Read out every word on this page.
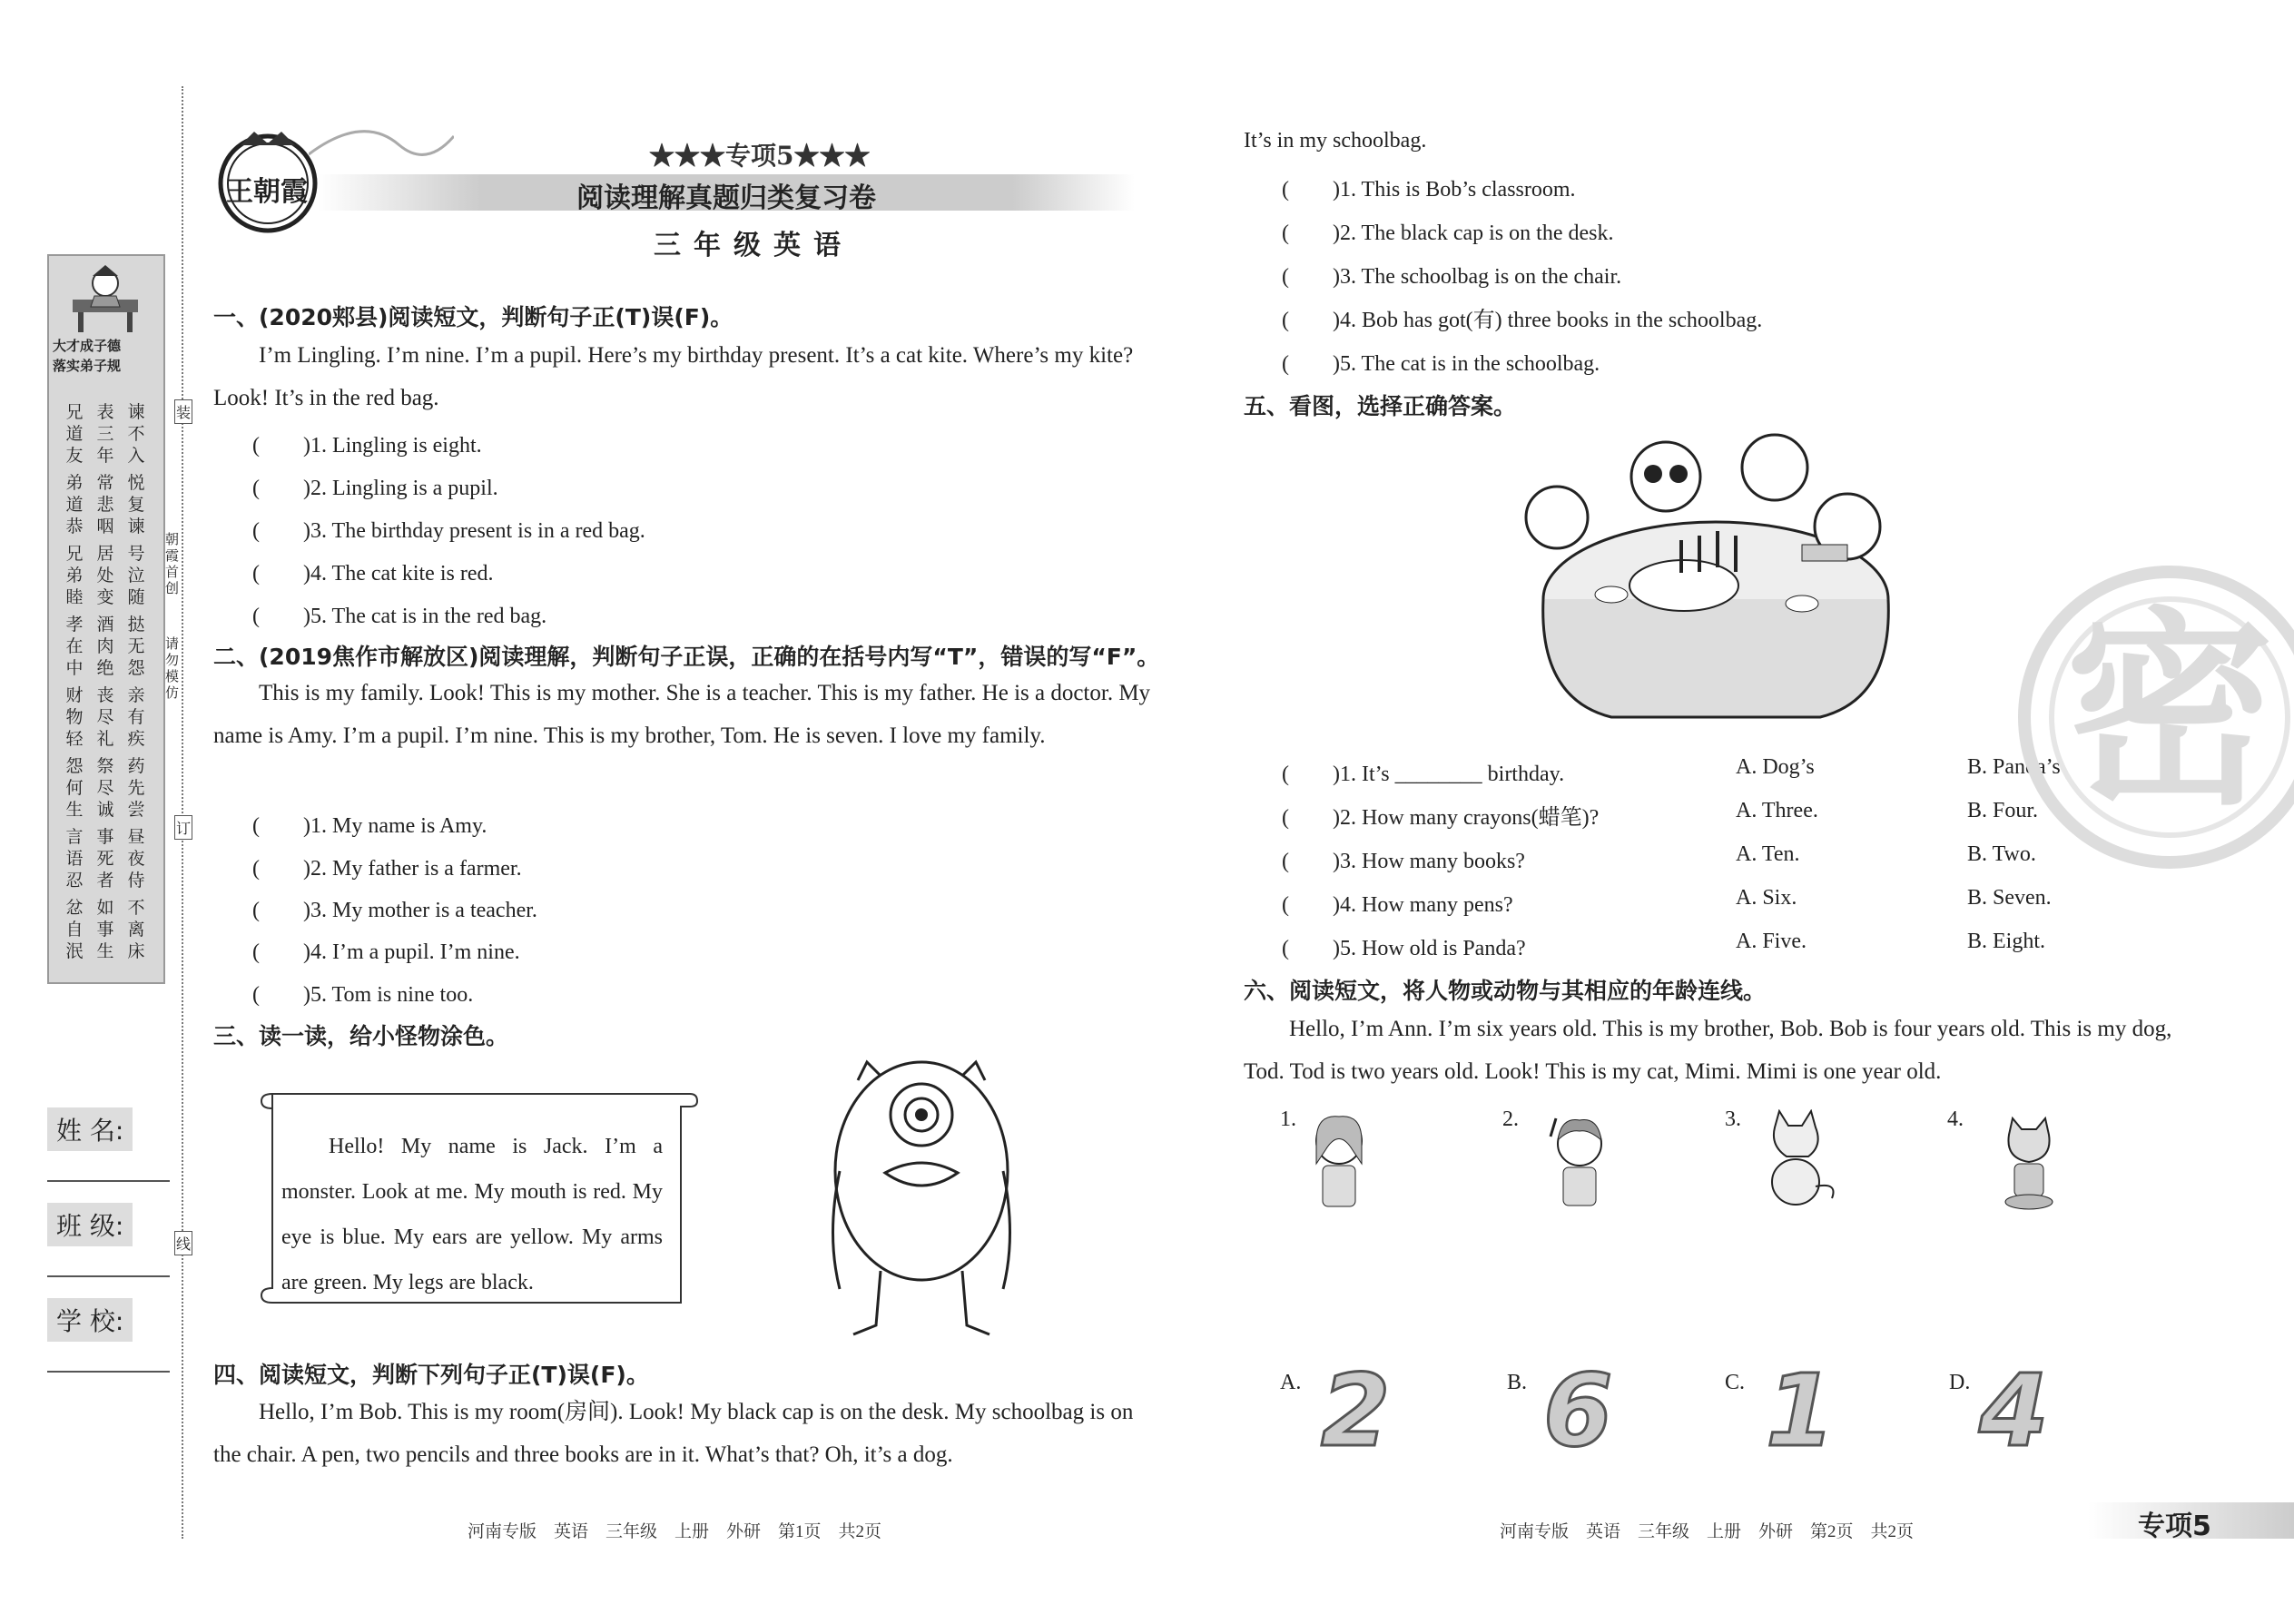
大才成子德
落实弟子规
兄道友
弟道恭
兄弟睦
孝在中
财物轻
怨何生
言语忍
忿自泯
表三年
常悲咽
居处变
酒肉绝
丧尽礼
祭尽诚
事死者
如事生
谏不入
悦复谏
号泣随
挞无怨
亲有疾
药先尝
昼夜侍
不离床
装
订
线
朝霞首创
请勿模仿
姓 名:
班 级:
学 校:
王朝霞
★★★专项5★★★
阅读理解真题归类复习卷
三年级英语
一、(2020郏县)阅读短文，判断句子正(T)误(F)。
I’m Lingling. I’m nine. I’m a pupil. Here’s my birthday present. It’s a cat kite. Where’s my kite? Look! It’s in the red bag.
(　　)1. Lingling is eight.
(　　)2. Lingling is a pupil.
(　　)3. The birthday present is in a red bag.
(　　)4. The cat kite is red.
(　　)5. The cat is in the red bag.
二、(2019焦作市解放区)阅读理解，判断句子正误，正确的在括号内写“T”，错误的写“F”。
This is my family. Look! This is my mother. She is a teacher. This is my father. He is a doctor. My name is Amy. I’m a pupil. I’m nine. This is my brother, Tom. He is seven. I love my family.
(　　)1. My name is Amy.
(　　)2. My father is a farmer.
(　　)3. My mother is a teacher.
(　　)4. I’m a pupil. I’m nine.
(　　)5. Tom is nine too.
三、读一读，给小怪物涂色。
Hello! My name is Jack. I’m a monster. Look at me. My mouth is red. My eye is blue. My ears are yellow. My arms are green. My legs are black.
四、阅读短文，判断下列句子正(T)误(F)。
Hello, I’m Bob. This is my room(房间). Look! My black cap is on the desk. My schoolbag is on the chair. A pen, two pencils and three books are in it. What’s that? Oh, it’s a dog.
It’s in my schoolbag.
(　　)1. This is Bob’s classroom.
(　　)2. The black cap is on the desk.
(　　)3. The schoolbag is on the chair.
(　　)4. Bob has got(有) three books in the schoolbag.
(　　)5. The cat is in the schoolbag.
五、看图，选择正确答案。
(　　)1. It’s ________ birthday.	A. Dog’s	B. Panda’s
(　　)2. How many crayons(蜡笔)?	A. Three.	B. Four.
(　　)3. How many books?	A. Ten.	B. Two.
(　　)4. How many pens?	A. Six.	B. Seven.
(　　)5. How old is Panda?	A. Five.	B. Eight.
六、阅读短文，将人物或动物与其相应的年龄连线。
Hello, I’m Ann. I’m six years old. This is my brother, Bob. Bob is four years old. This is my dog, Tod. Tod is two years old. Look! This is my cat, Mimi. Mimi is one year old.
1.	2.	3.	4.
A.	B.	C.	D.
2 6 1 4
密
河南专版　英语　三年级　上册　外研　第1页　共2页	河南专版　英语　三年级　上册　外研　第2页　共2页	专项5
